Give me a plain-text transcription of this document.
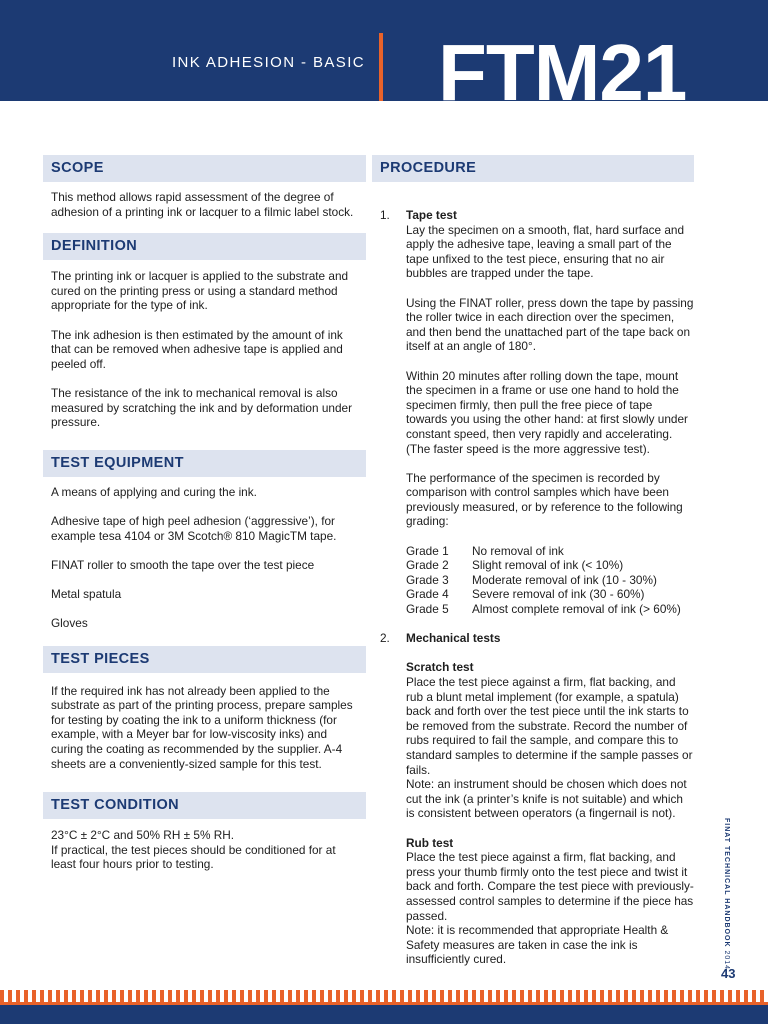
INK ADHESION - BASIC FTM21
SCOPE

This method allows rapid assessment of the degree of adhesion of a printing ink or lacquer to a filmic label stock.

DEFINITION

The printing ink or lacquer is applied to the substrate and cured on the printing press or using a standard method appropriate for the type of ink.

The ink adhesion is then estimated by the amount of ink that can be removed when adhesive tape is applied and peeled off.

The resistance of the ink to mechanical removal is also measured by scratching the ink and by deformation under pressure.

TEST EQUIPMENT

A means of applying and curing the ink.

Adhesive tape of high peel adhesion (‘aggressive’), for example tesa 4104 or 3M Scotch® 810 MagicTM tape.

FINAT roller to smooth the tape over the test piece

Metal spatula

Gloves

TEST PIECES

If the required ink has not already been applied to the substrate as part of the printing process, prepare samples for testing by coating the ink to a uniform thickness (for example, with a Meyer bar for low-viscosity inks) and curing the coating as recommended by the supplier. A-4 sheets are a conveniently-sized sample for this test.

TEST CONDITION
23°C ± 2°C and 50% RH ± 5% RH.
If practical, the test pieces should be conditioned for at least four hours prior to testing.
PROCEDURE
1.	Tape test

Lay the specimen on a smooth, flat, hard surface and apply the adhesive tape, leaving a small part of the tape unfixed to the test piece, ensuring that no air bubbles are trapped under the tape.

Using the FINAT roller, press down the tape by passing the roller twice in each direction over the specimen, and then bend the unattached part of the tape back on itself at an angle of 180°.

Within 20 minutes after rolling down the tape, mount the specimen in a frame or use one hand to hold the specimen firmly, then pull the free piece of tape towards you using the other hand: at first slowly under constant speed, then very rapidly and accelerating. (The faster speed is the more aggressive test).

The performance of the specimen is recorded by comparison with control samples which have been previously measured, or by reference to the following grading:

Grade 1	No removal of ink
Grade 2	Slight removal of ink (< 10%)
Grade 3	Moderate removal of ink (10 - 30%)
Grade 4	Severe removal of ink (30 - 60%)
Grade 5	Almost complete removal of ink (> 60%)
2.	Mechanical tests
Scratch test
Place the test piece against a firm, flat backing, and rub a blunt metal implement (for example, a spatula) back and forth over the test piece until the ink starts to be removed from the substrate. Record the number of rubs required to fail the sample, and compare this to standard samples to determine if the sample passes or fails.

Note: an instrument should be chosen which does not cut the ink (a printer’s knife is not suitable) and which is consistent between operators (a fingernail is not).

Rub test
Place the test piece against a firm, flat backing, and press your thumb firmly onto the test piece and twist it back and forth. Compare the test piece with previously-assessed control samples to determine if the piece has passed.
Note: it is recommended that appropriate Health & Safety measures are taken in case the ink is insufficiently cured.
FINAT TECHNICAL HANDBOOK 2014
43
